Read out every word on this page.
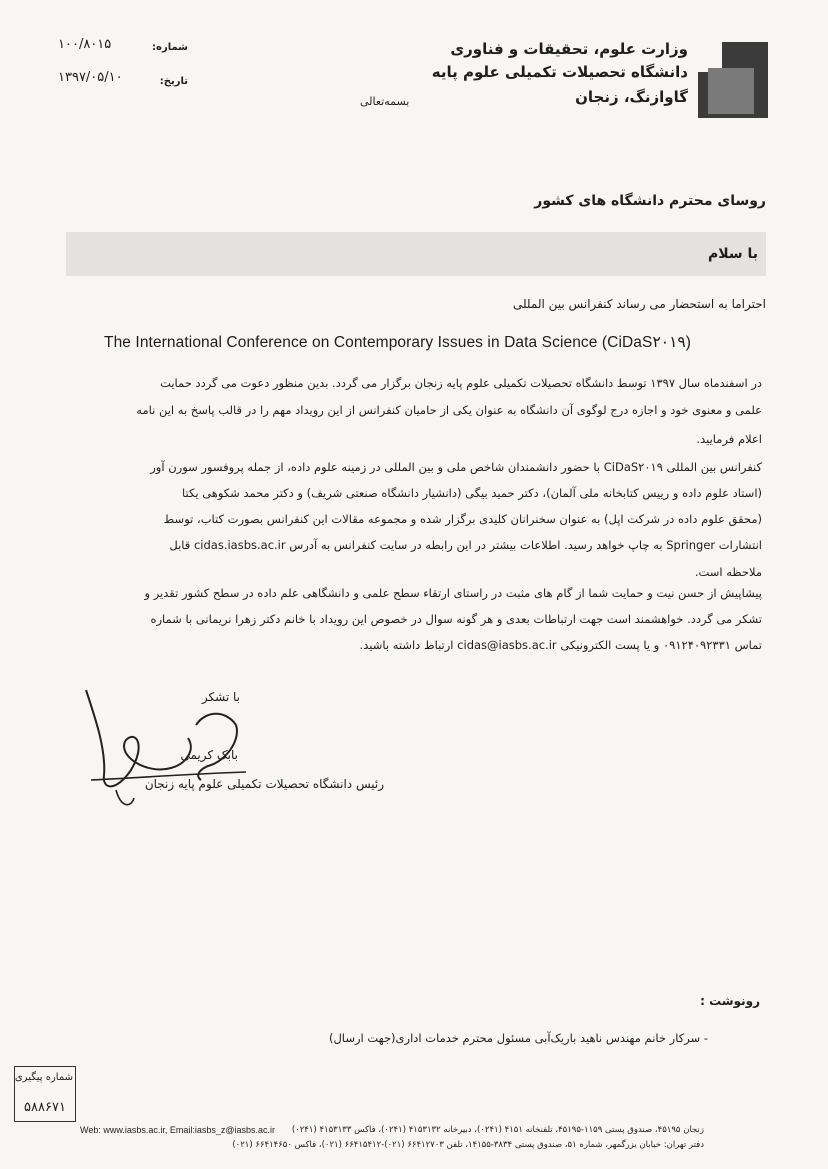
وزارت علوم، تحقیقات و فناوری
دانشگاه تحصیلات تکمیلی علوم پایه
گاوازنگ، زنجان
شماره:
۱۰۰/۸۰۱۵
تاریخ:
۱۳۹۷/۰۵/۱۰
بسمه‌تعالی
روسای محترم دانشگاه های کشور
با سلام
احتراما به استحضار می رساند کنفرانس بین المللی
The International Conference on Contemporary Issues in Data Science (CiDaS۲۰۱۹)
در اسفندماه سال ۱۳۹۷ توسط دانشگاه تحصیلات تکمیلی علوم پایه زنجان برگزار می گردد. بدین منظور دعوت می گردد حمایت
علمی و معنوی خود و اجازه درج لوگوی آن دانشگاه به عنوان یکی از حامیان کنفرانس از این رویداد مهم را در قالب پاسخ به این نامه
اعلام فرمایید.
کنفرانس بین المللی CiDaS۲۰۱۹ با حضور دانشمندان شاخص ملی و بین المللی در زمینه علوم داده، از جمله پروفسور سورن آور
(استاد علوم داده و رییس کتابخانه ملی آلمان)، دکتر حمید بیگی (دانشیار دانشگاه صنعتی شریف) و دکتر محمد شکوهی یکتا
(محقق علوم داده در شرکت اپل) به عنوان سخنرانان کلیدی برگزار شده و مجموعه مقالات این کنفرانس بصورت کتاب، توسط
انتشارات Springer به چاپ خواهد رسید. اطلاعات بیشتر در این رابطه در سایت کنفرانس به آدرس cidas.iasbs.ac.ir قابل
ملاحظه است.
پیشاپیش از حسن نیت و حمایت شما از گام های مثبت در راستای ارتقاء سطح علمی و دانشگاهی علم داده در سطح کشور تقدیر و
تشکر می گردد. خواهشمند است جهت ارتباطات بعدی و هر گونه سوال در خصوص این رویداد با خانم دکتر زهرا نریمانی با شماره
تماس ۰۹۱۲۴۰۹۲۳۳۱ و یا پست الکترونیکی cidas@iasbs.ac.ir ارتباط داشته باشید.
با تشکر
بابک کریمی
رئیس دانشگاه تحصیلات تکمیلی علوم پایه زنجان
رونوشت :
- سرکار خانم مهندس ناهید باریک‌آبی مسئول محترم خدمات اداری(جهت ارسال)
شماره پیگیری
۵۸۸۶۷۱
زنجان ۴۵۱۹۵، صندوق پستی ۱۱۵۹-۴۵۱۹۵، تلفنخانه ۴۱۵۱ (۰۲۴۱)، دبیرخانه ۴۱۵۳۱۳۲ (۰۲۴۱)، فاکس ۴۱۵۳۱۳۳ (۰۲۴۱)
Web: www.iasbs.ac.ir, Email:iasbs_z@iasbs.ac.ir
دفتر تهران: خیابان بزرگمهر، شماره ۵۱، صندوق پستی ۳۸۳۴-۱۴۱۵۵، تلفن ۶۶۴۱۲۷۰۳ (۰۲۱)-۶۶۴۱۵۴۱۲ (۰۲۱)، فاکس ۶۶۴۱۴۶۵۰ (۰۲۱)
